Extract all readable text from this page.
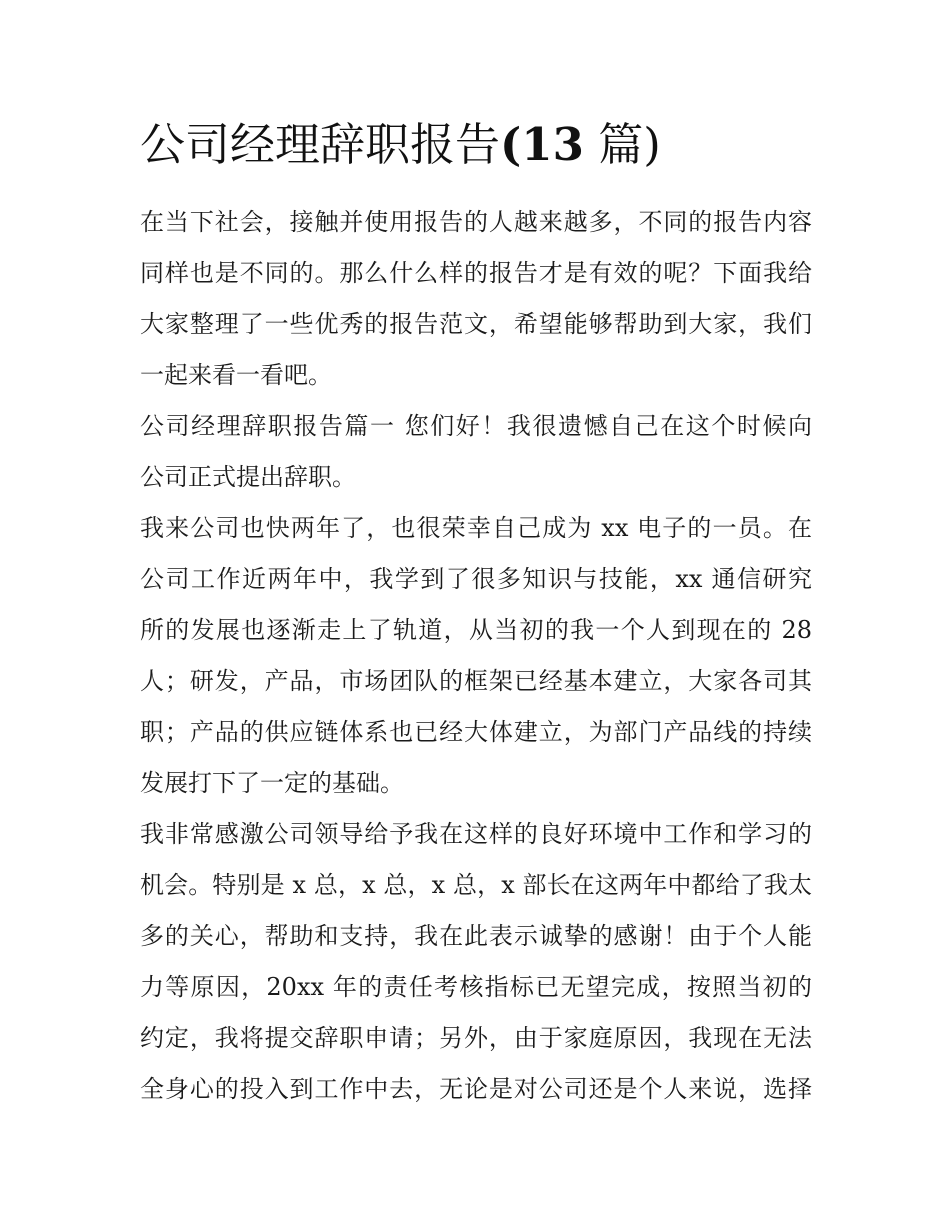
公司经理辞职报告(13 篇)

在当下社会，接触并使用报告的人越来越多，不同的报告内容
同样也是不同的。那么什么样的报告才是有效的呢？下面我给
大家整理了一些优秀的报告范文，希望能够帮助到大家，我们
一起来看一看吧。

公司经理辞职报告篇一 您们好！我很遗憾自己在这个时候向
公司正式提出辞职。

我来公司也快两年了，也很荣幸自己成为 xx 电子的一员。在
公司工作近两年中，我学到了很多知识与技能，xx 通信研究
所的发展也逐渐走上了轨道，从当初的我一个人到现在的 28
人；研发，产品，市场团队的框架已经基本建立，大家各司其
职；产品的供应链体系也已经大体建立，为部门产品线的持续
发展打下了一定的基础。

我非常感激公司领导给予我在这样的良好环境中工作和学习的
机会。特别是 x 总，x 总，x 总，x 部长在这两年中都给了我太
多的关心，帮助和支持，我在此表示诚挚的感谢！由于个人能
力等原因，20xx 年的责任考核指标已无望完成，按照当初的
约定，我将提交辞职申请；另外，由于家庭原因，我现在无法
全身心的投入到工作中去，无论是对公司还是个人来说，选择
